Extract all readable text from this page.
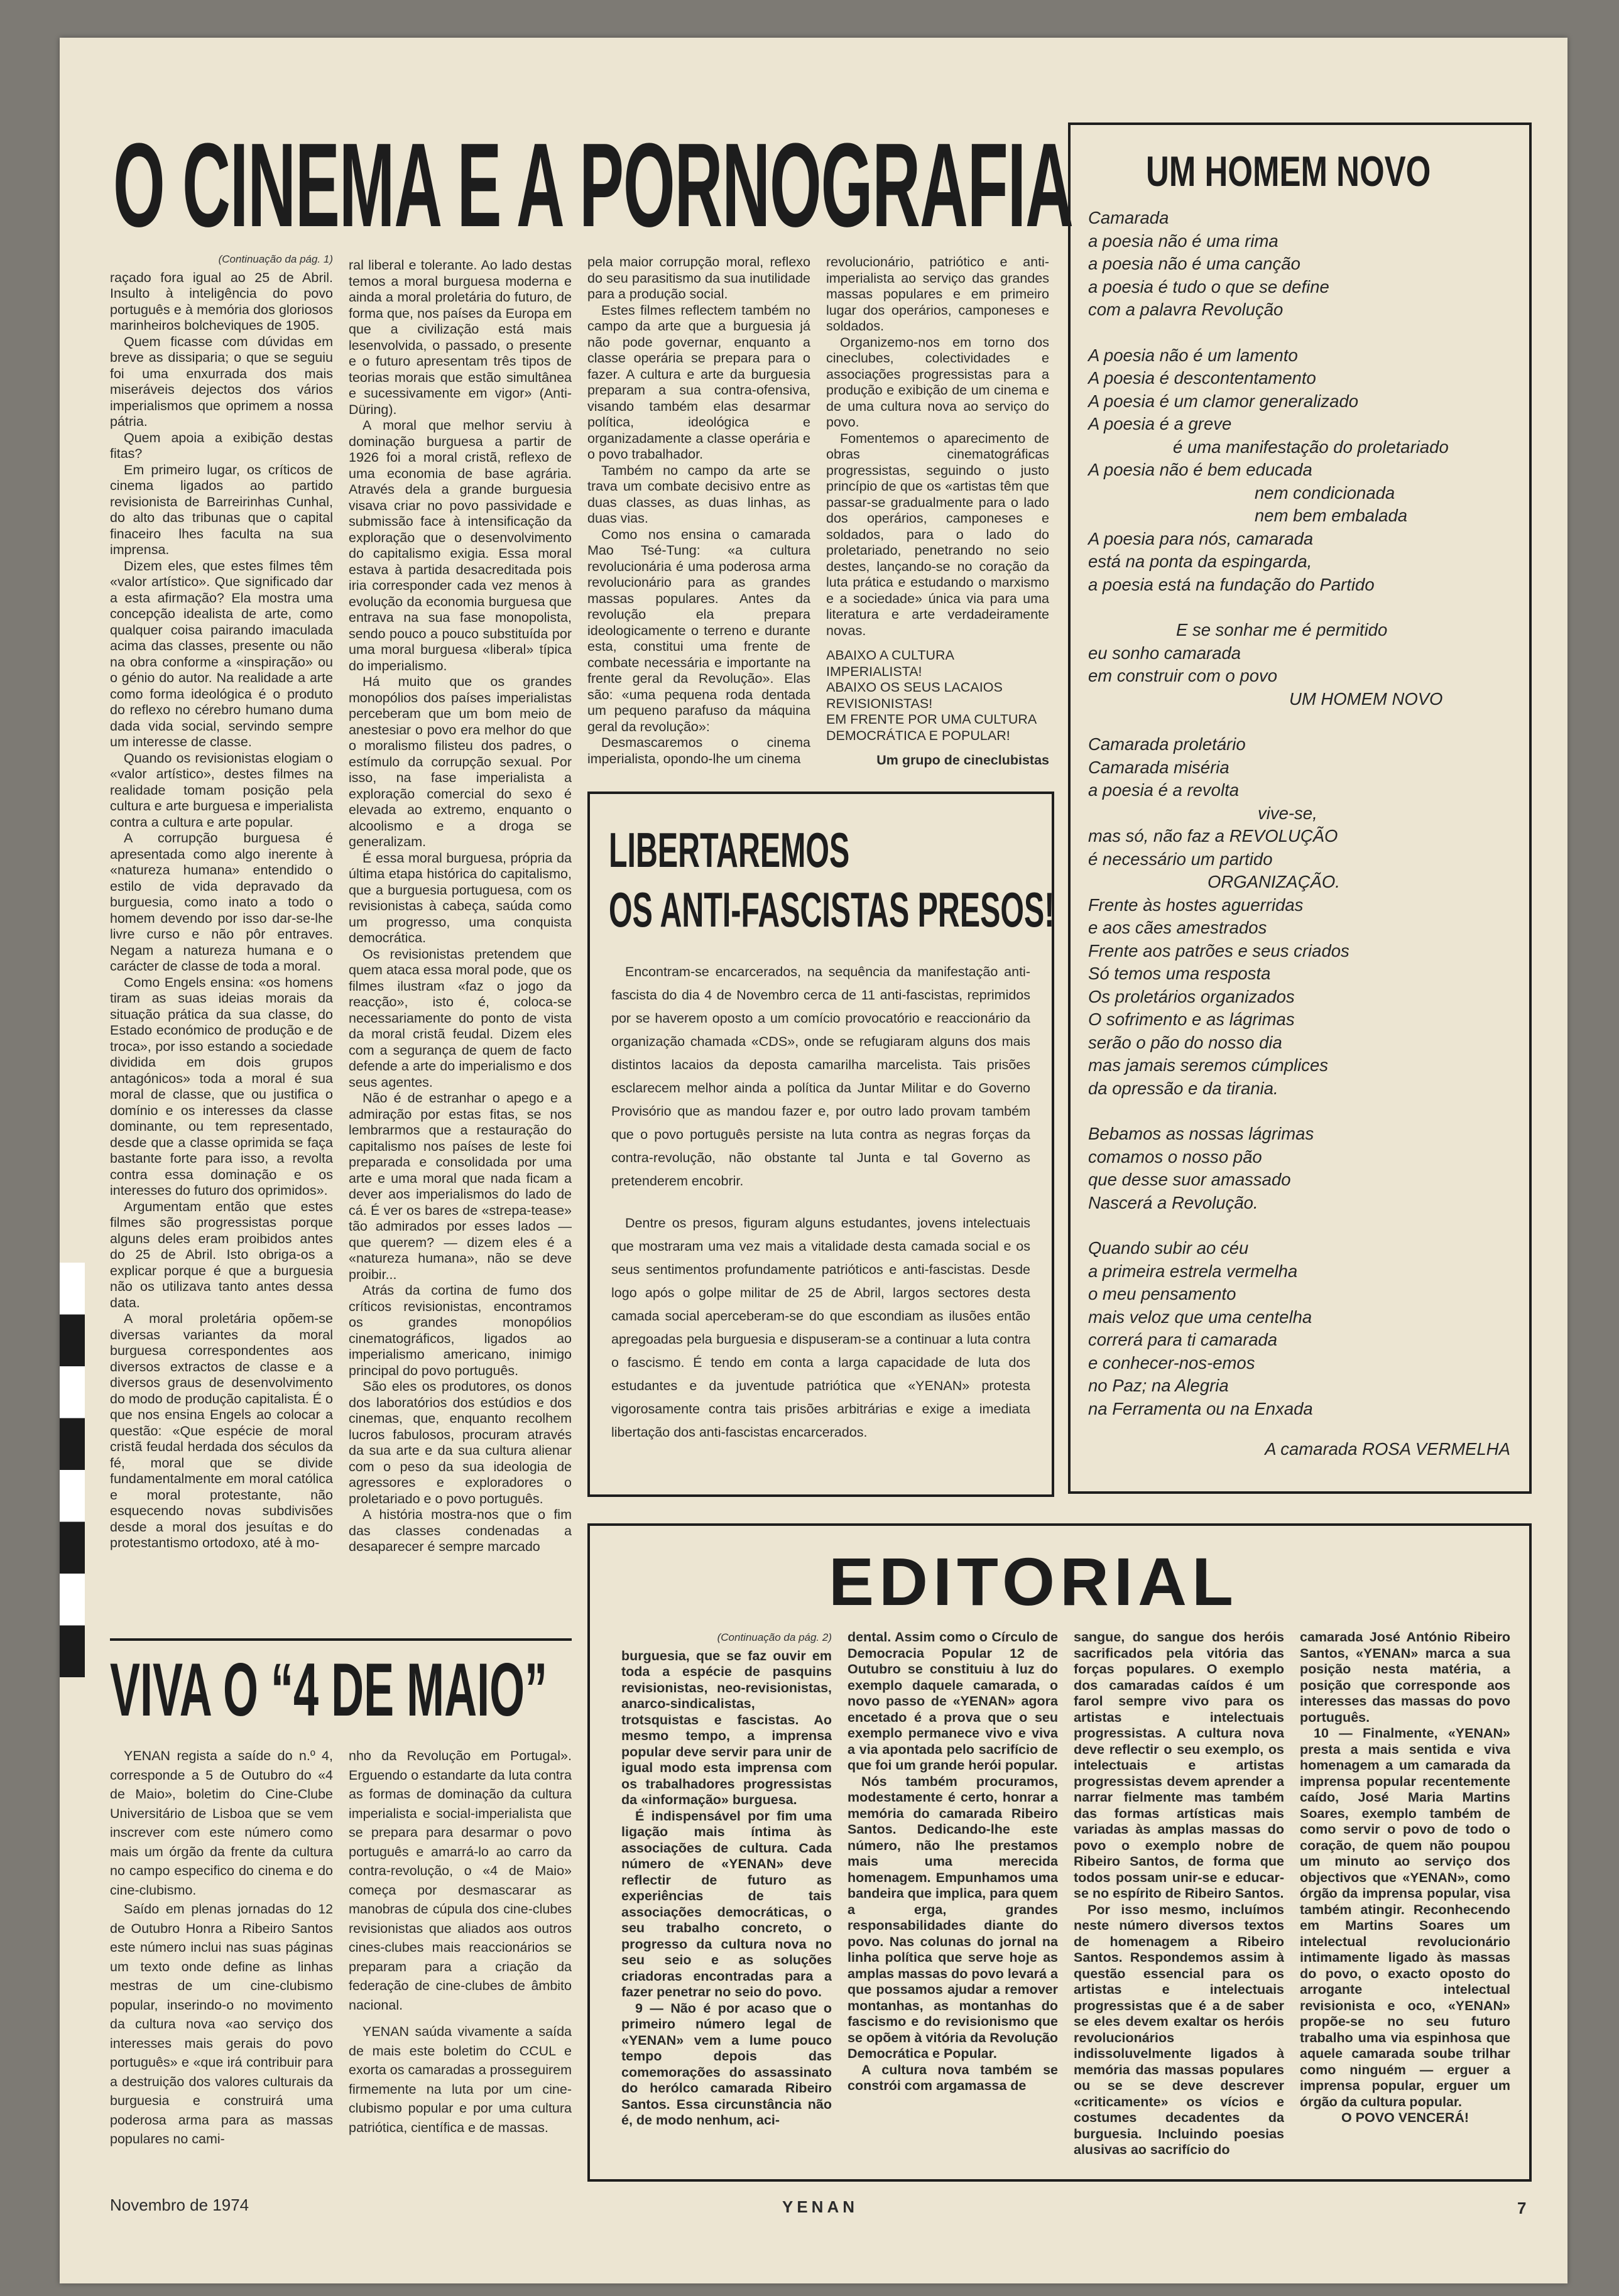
O CINEMA E A PORNOGRAFIA
(Continuação da pág. 1)

raçado fora igual ao 25 de Abril. Insulto à inteligência do povo português e à memória dos gloriosos marinheiros bolcheviques de 1905.

Quem ficasse com dúvidas em breve as dissiparia; o que se seguiu foi uma enxurrada dos mais miseráveis dejectos dos vários imperialismos que oprimem a nossa pátria.

Quem apoia a exibição destas fitas?

Em primeiro lugar, os críticos de cinema ligados ao partido revisionista de Barreirinhas Cunhal, do alto das tribunas que o capital finaceiro lhes faculta na sua imprensa.

Dizem eles, que estes filmes têm «valor artístico». Que significado dar a esta afirmação? Ela mostra uma concepção idealista de arte, como qualquer coisa pairando imaculada acima das classes, presente ou não na obra conforme a «inspiração» ou o génio do autor. Na realidade a arte como forma ideológica é o produto do reflexo no cérebro humano duma dada vida social, servindo sempre um interesse de classe.

Quando os revisionistas elogiam o «valor artístico», destes filmes na realidade tomam posição pela cultura e arte burguesa e imperialista contra a cultura e arte popular.

A corrupção burguesa é apresentada como algo inerente à «natureza humana» entendido o estilo de vida depravado da burguesia, como inato a todo o homem devendo por isso dar-se-lhe livre curso e não pôr entraves. Negam a natureza humana e o carácter de classe de toda a moral.

Como Engels ensina: «os homens tiram as suas ideias morais da situação prática da sua classe, do Estado económico de produção e de troca», por isso estando a sociedade dividida em dois grupos antagónicos» toda a moral é sua moral de classe, que ou justifica o domínio e os interesses da classe dominante, ou tem representado, desde que a classe oprimida se faça bastante forte para isso, a revolta contra essa dominação e os interesses do futuro dos oprimidos».

Argumentam então que estes filmes são progressistas porque alguns deles eram proibidos antes do 25 de Abril. Isto obriga-os a explicar porque é que a burguesia não os utilizava tanto antes dessa data.

A moral proletária opõem-se diversas variantes da moral burguesa correspondentes aos diversos extractos de classe e a diversos graus de desenvolvimento do modo de produção capitalista. É o que nos ensina Engels ao colocar a questão: «Que espécie de moral cristã feudal herdada dos séculos da fé, moral que se divide fundamentalmente em moral católica e moral protestante, não esquecendo novas subdivisões desde a moral dos jesuítas e do protestantismo ortodoxo, até à mo-

ral liberal e tolerante. Ao lado destas temos a moral burguesa moderna e ainda a moral proletária do futuro, de forma que, nos países da Europa em que a civilização está mais lesenvolvida, o passado, o presente e o futuro apresentam três tipos de teorias morais que estão simultânea e sucessivamente em vigor» (Anti-Düring).

A moral que melhor serviu à dominação burguesa a partir de 1926 foi a moral cristã, reflexo de uma economia de base agrária. Através dela a grande burguesia visava criar no povo passividade e submissão face à intensificação da exploração que o desenvolvimento do capitalismo exigia. Essa moral estava à partida desacreditada pois iria corresponder cada vez menos à evolução da economia burguesa que entrava na sua fase monopolista, sendo pouco a pouco substituída por uma moral burguesa «liberal» típica do imperialismo.

Há muito que os grandes monopólios dos países imperialistas perceberam que um bom meio de anestesiar o povo era melhor do que o moralismo filisteu dos padres, o estímulo da corrupção sexual. Por isso, na fase imperialista a exploração comercial do sexo é elevada ao extremo, enquanto o alcoolismo e a droga se generalizam.

É essa moral burguesa, própria da última etapa histórica do capitalismo, que a burguesia portuguesa, com os revisionistas à cabeça, saúda como um progresso, uma conquista democrática.

Os revisionistas pretendem que quem ataca essa moral pode, que os filmes ilustram «faz o jogo da reacção», isto é, coloca-se necessariamente do ponto de vista da moral cristã feudal. Dizem eles com a segurança de quem de facto defende a arte do imperialismo e dos seus agentes.

Não é de estranhar o apego e a admiração por estas fitas, se nos lembrarmos que a restauração do capitalismo nos países de leste foi preparada e consolidada por uma arte e uma moral que nada ficam a dever aos imperialismos do lado de cá. É ver os bares de «strepa-tease» tão admirados por esses lados — que querem? — dizem eles é a «natureza humana», não se deve proibir...

Atrás da cortina de fumo dos críticos revisionistas, encontramos os grandes monopólios cinematográficos, ligados ao imperialismo americano, inimigo principal do povo português.

São eles os produtores, os donos dos laboratórios dos estúdios e dos cinemas, que, enquanto recolhem lucros fabulosos, procuram através da sua arte e da sua cultura alienar com o peso da sua ideologia de agressores e exploradores o proletariado e o povo português.

A história mostra-nos que o fim das classes condenadas a desaparecer é sempre marcado

pela maior corrupção moral, reflexo do seu parasitismo da sua inutilidade para a produção social.

Estes filmes reflectem também no campo da arte que a burguesia já não pode governar, enquanto a classe operária se prepara para o fazer. A cultura e arte da burguesia preparam a sua contra-ofensiva, visando também elas desarmar política, ideológica e organizadamente a classe operária e o povo trabalhador.

Também no campo da arte se trava um combate decisivo entre as duas classes, as duas linhas, as duas vias.

Como nos ensina o camarada Mao Tsé-Tung: «a cultura revolucionária é uma poderosa arma revolucionário para as grandes massas populares. Antes da revolução ela prepara ideologicamente o terreno e durante esta, constitui uma frente de combate necessária e importante na frente geral da Revolução». Elas são: «uma pequena roda dentada um pequeno parafuso da máquina geral da revolução»:

Desmascaremos o cinema imperialista, opondo-lhe um cinema

revolucionário, patriótico e anti-imperialista ao serviço das grandes massas populares e em primeiro lugar dos operários, camponeses e soldados.

Organizemo-nos em torno dos cineclubes, colectividades e associações progressistas para a produção e exibição de um cinema e de uma cultura nova ao serviço do povo.

Fomentemos o aparecimento de obras cinematográficas progressistas, seguindo o justo princípio de que os «artistas têm que passar-se gradualmente para o lado dos operários, camponeses e soldados, para o lado do proletariado, penetrando no seio destes, lançando-se no coração da luta prática e estudando o marxismo e a sociedade» única via para uma literatura e arte verdadeiramente novas.

ABAIXO A CULTURA IMPERIALISTA!
ABAIXO OS SEUS LACAIOS REVISIONISTAS!
EM FRENTE POR UMA CULTURA DEMOCRÁTICA E POPULAR!
Um grupo de cineclubistas
LIBERTAREMOS
OS ANTI-FASCISTAS PRESOS!

Encontram-se encarcerados, na sequência da manifestação anti-fascista do dia 4 de Novembro cerca de 11 anti-fascistas, reprimidos por se haverem oposto a um comício provocatório e reaccionário da organização chamada «CDS», onde se refugiaram alguns dos mais distintos lacaios da deposta camarilha marcelista. Tais prisões esclarecem melhor ainda a política da Juntar Militar e do Governo Provisório que as mandou fazer e, por outro lado provam também que o povo português persiste na luta contra as negras forças da contra-revolução, não obstante tal Junta e tal Governo as pretenderem encobrir.

Dentre os presos, figuram alguns estudantes, jovens intelectuais que mostraram uma vez mais a vitalidade desta camada social e os seus sentimentos profundamente patrióticos e anti-fascistas. Desde logo após o golpe militar de 25 de Abril, largos sectores desta camada social aperceberam-se do que escondiam as ilusões então apregoadas pela burguesia e dispuseram-se a continuar a luta contra o fascismo. É tendo em conta a larga capacidade de luta dos estudantes e da juventude patriótica que «YENAN» protesta vigorosamente contra tais prisões arbitrárias e exige a imediata libertação dos anti-fascistas encarcerados.

UM HOMEM NOVO
Camarada
a poesia não é uma rima
a poesia não é uma canção
a poesia é tudo o que se define
com a palavra Revolução
A poesia não é um lamento
A poesia é descontentamento
A poesia é um clamor generalizado
A poesia é a greve
é uma manifestação do proletariado
A poesia não é bem educada
nem condicionada
nem bem embalada
A poesia para nós, camarada
está na ponta da espingarda,
a poesia está na fundação do Partido
E se sonhar me é permitido
eu sonho camarada
em construir com o povo
UM HOMEM NOVO
Camarada proletário
Camarada miséria
a poesia é a revolta
vive-se,
mas só, não faz a REVOLUÇÃO
é necessário um partido
ORGANIZAÇÃO.
Frente às hostes aguerridas
e aos cães amestrados
Frente aos patrões e seus criados
Só temos uma resposta
Os proletários organizados
O sofrimento e as lágrimas
serão o pão do nosso dia
mas jamais seremos cúmplices
da opressão e da tirania.
Bebamos as nossas lágrimas
comamos o nosso pão
que desse suor amassado
Nascerá a Revolução.
Quando subir ao céu
a primeira estrela vermelha
o meu pensamento
mais veloz que uma centelha
correrá para ti camarada
e conhecer-nos-emos
no Paz; na Alegria
na Ferramenta ou na Enxada
A camarada ROSA VERMELHA
VIVA O “4 DE MAIO”

YENAN regista a saíde do n.º 4, corresponde a 5 de Outubro do «4 de Maio», boletim do Cine-Clube Universitário de Lisboa que se vem inscrever com este número como mais um órgão da frente da cultura no campo especifico do cinema e do cine-clubismo.

Saído em plenas jornadas do 12 de Outubro Honra a Ribeiro Santos este número inclui nas suas páginas um texto onde define as linhas mestras de um cine-clubismo popular, inserindo-o no movimento da cultura nova «ao serviço dos interesses mais gerais do povo português» e «que irá contribuir para a destruição dos valores culturais da burguesia e construirá uma poderosa arma para as massas populares no cami-

nho da Revolução em Portugal». Erguendo o estandarte da luta contra as formas de dominação da cultura imperialista e social-imperialista que se prepara para desarmar o povo português e amarrá-lo ao carro da contra-revolução, o «4 de Maio» começa por desmascarar as manobras de cúpula dos cine-clubes revisionistas que aliados aos outros cines-clubes mais reaccionários se preparam para a criação da federação de cine-clubes de âmbito nacional.

YENAN saúda vivamente a saída de mais este boletim do CCUL e exorta os camaradas a prosseguirem firmemente na luta por um cine-clubismo popular e por uma cultura patriótica, científica e de massas.

EDITORIAL
(Continuação da pág. 2)

burguesia, que se faz ouvir em toda a espécie de pasquins revisionistas, neo-revisionistas, anarco-sindicalistas, trotsquistas e fascistas. Ao mesmo tempo, a imprensa popular deve servir para unir de igual modo esta imprensa com os trabalhadores progressistas da «informação» burguesa.

É indispensável por fim uma ligação mais íntima às associações de cultura. Cada número de «YENAN» deve reflectir de futuro as experiências de tais associações democráticas, o seu trabalho concreto, o progresso da cultura nova no seu seio e as soluções criadoras encontradas para a fazer penetrar no seio do povo.

9 — Não é por acaso que o primeiro número legal de «YENAN» vem a lume pouco tempo depois das comemorações do assassinato do herólco camarada Ribeiro Santos. Essa circunstância não é, de modo nenhum, aci-

dental. Assim como o Círculo de Democracia Popular 12 de Outubro se constituiu à luz do exemplo daquele camarada, o novo passo de «YENAN» agora encetado é a prova que o seu exemplo permanece vivo e viva a via apontada pelo sacrifício de que foi um grande herói popular.

Nós também procuramos, modestamente é certo, honrar a memória do camarada Ribeiro Santos. Dedicando-lhe este número, não lhe prestamos mais uma merecida homenagem. Empunhamos uma bandeira que implica, para quem a erga, grandes responsabilidades diante do povo. Nas colunas do jornal na linha política que serve hoje as amplas massas do povo levará a que possamos ajudar a remover montanhas, as montanhas do fascismo e do revisionismo que se opõem à vitória da Revolução Democrática e Popular.

A cultura nova também se constrói com argamassa de

sangue, do sangue dos heróis sacrificados pela vitória das forças populares. O exemplo dos camaradas caídos é um farol sempre vivo para os artistas e intelectuais progressistas. A cultura nova deve reflectir o seu exemplo, os intelectuais e artistas progressistas devem aprender a narrar fielmente mas também das formas artísticas mais variadas às amplas massas do povo o exemplo nobre de Ribeiro Santos, de forma que todos possam unir-se e educar-se no espírito de Ribeiro Santos.

Por isso mesmo, incluímos neste número diversos textos de homenagem a Ribeiro Santos. Respondemos assim à questão essencial para os artistas e intelectuais progressistas que é a de saber se eles devem exaltar os heróis revolucionários indissoluvelmente ligados à memória das massas populares ou se se deve descrever «criticamente» os vícios e costumes decadentes da burguesia. Incluindo poesias alusivas ao sacrifício do

camarada José António Ribeiro Santos, «YENAN» marca a sua posição nesta matéria, a posição que corresponde aos interesses das massas do povo português.

10 — Finalmente, «YENAN» presta a mais sentida e viva homenagem a um camarada da imprensa popular recentemente caído, José Maria Martins Soares, exemplo também de como servir o povo de todo o coração, de quem não poupou um minuto ao serviço dos objectivos que «YENAN», como órgão da imprensa popular, visa também atingir. Reconhecendo em Martins Soares um intelectual revolucionário intimamente ligado às massas do povo, o exacto oposto do arrogante intelectual revisionista e oco, «YENAN» propõe-se no seu futuro trabalho uma via espinhosa que aquele camarada soube trilhar como ninguém — erguer a imprensa popular, erguer um órgão da cultura popular.

O POVO VENCERÁ!
Novembro de 1974	YENAN	7
